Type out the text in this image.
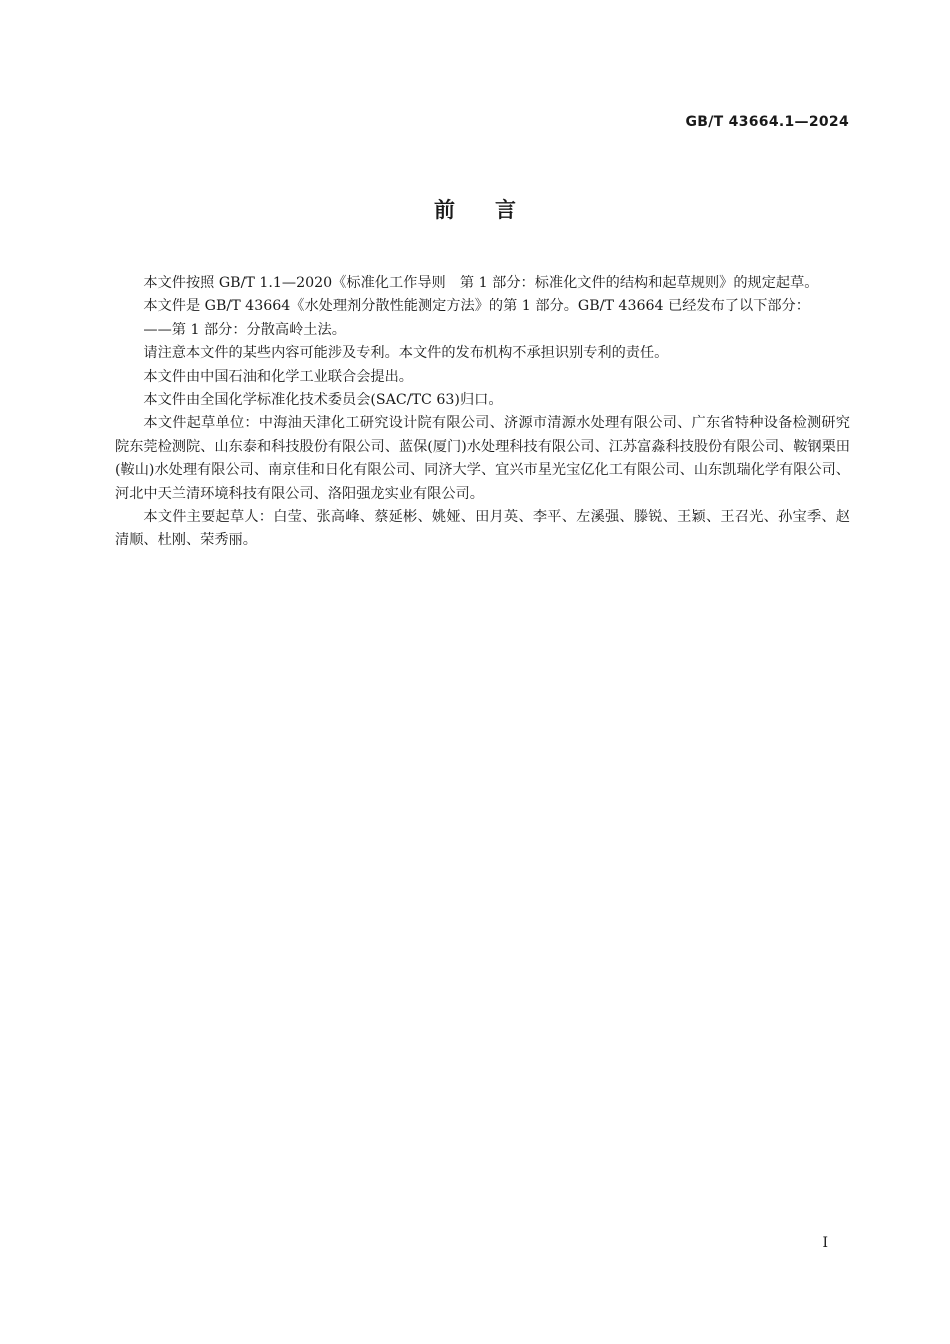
GB/T 43664.1—2024
前言

本文件按照 GB/T 1.1—2020《标准化工作导则　第 1 部分：标准化文件的结构和起草规则》的规定起草。

本文件是 GB/T 43664《水处理剂分散性能测定方法》的第 1 部分。GB/T 43664 已经发布了以下部分：

——第 1 部分：分散高岭土法。

请注意本文件的某些内容可能涉及专利。本文件的发布机构不承担识别专利的责任。

本文件由中国石油和化学工业联合会提出。

本文件由全国化学标准化技术委员会(SAC/TC 63)归口。

本文件起草单位：中海油天津化工研究设计院有限公司、济源市清源水处理有限公司、广东省特种设备检测研究院东莞检测院、山东泰和科技股份有限公司、蓝保(厦门)水处理科技有限公司、江苏富淼科技股份有限公司、鞍钢栗田(鞍山)水处理有限公司、南京佳和日化有限公司、同济大学、宜兴市星光宝亿化工有限公司、山东凯瑞化学有限公司、河北中天兰清环境科技有限公司、洛阳强龙实业有限公司。

本文件主要起草人：白莹、张高峰、蔡延彬、姚娅、田月英、李平、左溪强、滕锐、王颖、王召光、孙宝季、赵清顺、杜刚、荣秀丽。

I
